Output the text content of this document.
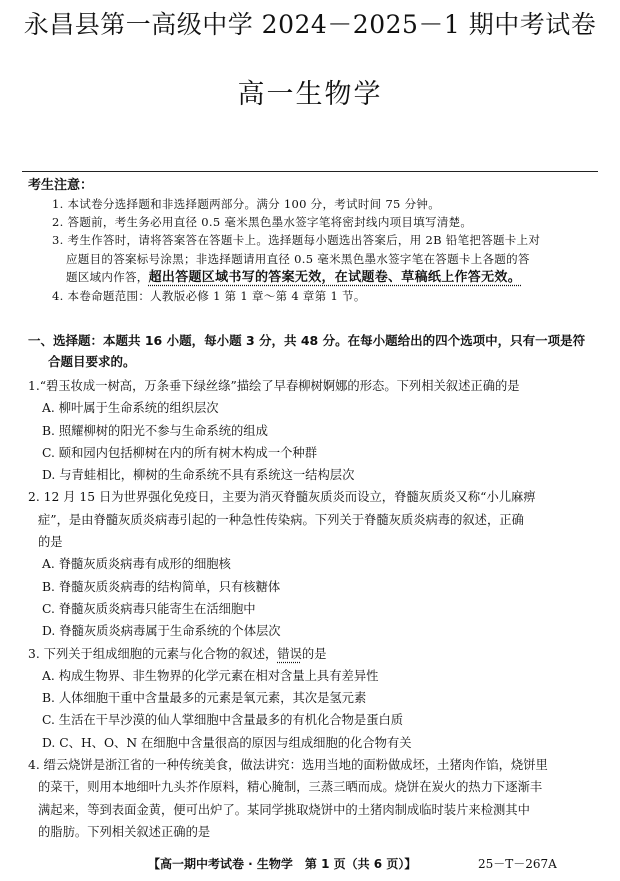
永昌县第一高级中学 2024－2025－1 期中考试卷
高一生物学
考生注意：

1. 本试卷分选择题和非选择题两部分。满分 100 分，考试时间 75 分钟。

2. 答题前，考生务必用直径 0.5 毫米黑色墨水签字笔将密封线内项目填写清楚。

3. 考生作答时，请将答案答在答题卡上。选择题每小题选出答案后，用 2B 铅笔把答题卡上对

应题目的答案标号涂黑；非选择题请用直径 0.5 毫米黑色墨水签字笔在答题卡上各题的答

题区域内作答，超出答题区域书写的答案无效，在试题卷、草稿纸上作答无效。

4. 本卷命题范围：人教版必修 1 第 1 章～第 4 章第 1 节。

一、选择题：本题共 16 小题，每小题 3 分，共 48 分。在每小题给出的四个选项中，只有一项是符

合题目要求的。

1.“碧玉妆成一树高，万条垂下绿丝绦”描绘了早春柳树婀娜的形态。下列相关叙述正确的是

A. 柳叶属于生命系统的组织层次

B. 照耀柳树的阳光不参与生命系统的组成

C. 颐和园内包括柳树在内的所有树木构成一个种群

D. 与青蛙相比，柳树的生命系统不具有系统这一结构层次

2. 12 月 15 日为世界强化免疫日，主要为消灭脊髓灰质炎而设立，脊髓灰质炎又称“小儿麻痹

症”，是由脊髓灰质炎病毒引起的一种急性传染病。下列关于脊髓灰质炎病毒的叙述，正确

的是

A. 脊髓灰质炎病毒有成形的细胞核

B. 脊髓灰质炎病毒的结构简单，只有核糖体

C. 脊髓灰质炎病毒只能寄生在活细胞中

D. 脊髓灰质炎病毒属于生命系统的个体层次

3. 下列关于组成细胞的元素与化合物的叙述，错误的是

A. 构成生物界、非生物界的化学元素在相对含量上具有差异性

B. 人体细胞干重中含量最多的元素是氧元素，其次是氢元素

C. 生活在干旱沙漠的仙人掌细胞中含量最多的有机化合物是蛋白质

D. C、H、O、N 在细胞中含量很高的原因与组成细胞的化合物有关

4. 缙云烧饼是浙江省的一种传统美食，做法讲究：选用当地的面粉做成坯，土猪肉作馅，烧饼里

的菜干，则用本地细叶九头芥作原料，精心腌制，三蒸三晒而成。烧饼在炭火的热力下逐渐丰

满起来，等到表面金黄，便可出炉了。某同学挑取烧饼中的土猪肉制成临时装片来检测其中

的脂肪。下列相关叙述正确的是

【高一期中考试卷 · 生物学　第 1 页（共 6 页）】	25－T－267A
